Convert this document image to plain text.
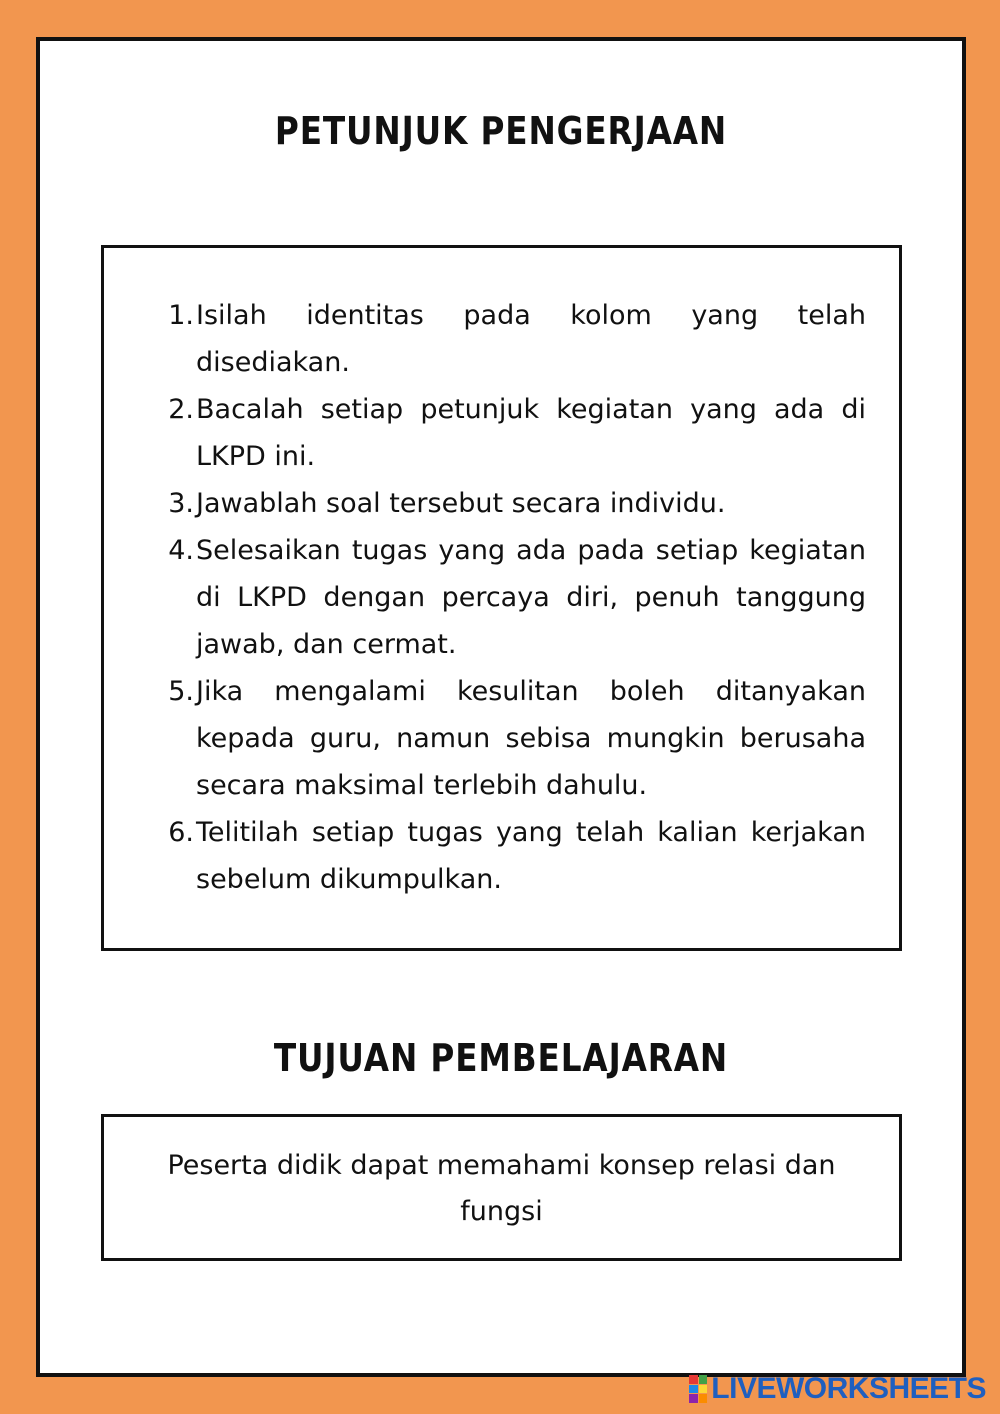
PETUNJUK PENGERJAAN
1. Isilah identitas pada kolom yang telah disediakan.
2. Bacalah setiap petunjuk kegiatan yang ada di LKPD ini.
3. Jawablah soal tersebut secara individu.
4. Selesaikan tugas yang ada pada setiap kegiatan di LKPD dengan percaya diri, penuh tanggung jawab, dan cermat.
5. Jika mengalami kesulitan boleh ditanyakan kepada guru, namun sebisa mungkin berusaha secara maksimal terlebih dahulu.
6. Telitilah setiap tugas yang telah kalian kerjakan sebelum dikumpulkan.
TUJUAN PEMBELAJARAN
Peserta didik dapat memahami konsep relasi dan fungsi
LIVEWORKSHEETS
